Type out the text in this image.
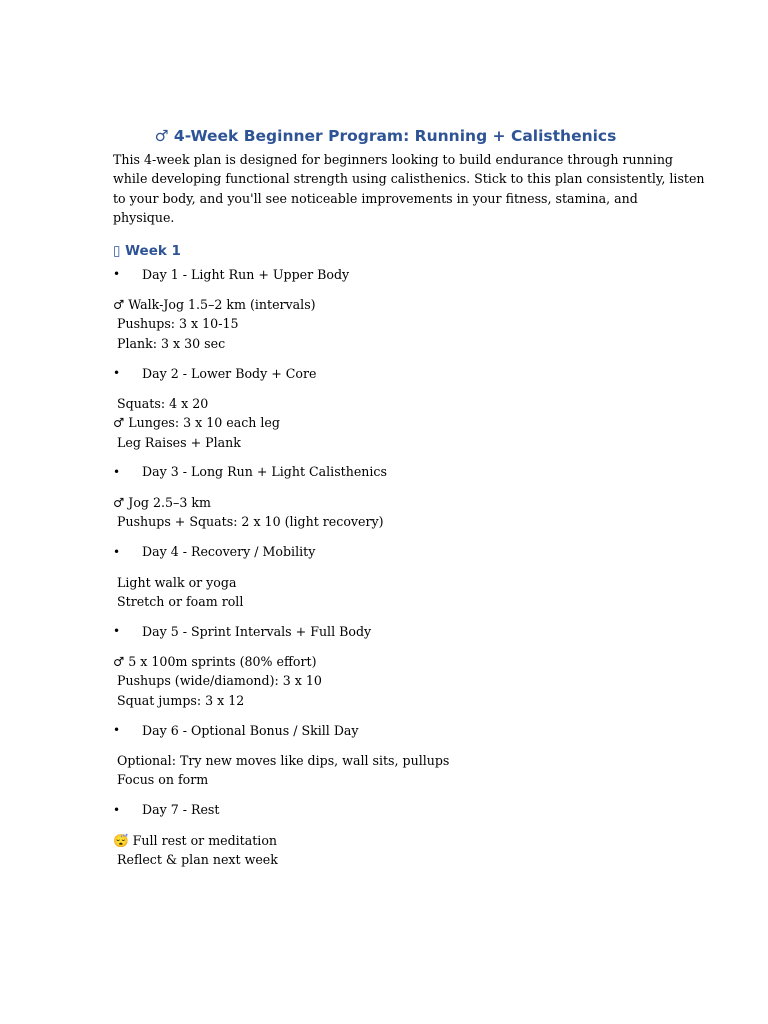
♂ 4-Week Beginner Program: Running + Calisthenics

This 4-week plan is designed for beginners looking to build endurance through running
while developing functional strength using calisthenics. Stick to this plan consistently, listen
to your body, and you'll see noticeable improvements in your fitness, stamina, and
physique.

▯ Week 1
•	Day 1 - Light Run + Upper Body
♂ Walk-Jog 1.5–2 km (intervals)
Pushups: 3 x 10-15
Plank: 3 x 30 sec
•	Day 2 - Lower Body + Core
Squats: 4 x 20
♂ Lunges: 3 x 10 each leg
Leg Raises + Plank
•	Day 3 - Long Run + Light Calisthenics
♂ Jog 2.5–3 km
Pushups + Squats: 2 x 10 (light recovery)
•	Day 4 - Recovery / Mobility
Light walk or yoga
Stretch or foam roll
•	Day 5 - Sprint Intervals + Full Body
♂ 5 x 100m sprints (80% effort)
Pushups (wide/diamond): 3 x 10
Squat jumps: 3 x 12
•	Day 6 - Optional Bonus / Skill Day
Optional: Try new moves like dips, wall sits, pullups
Focus on form
•	Day 7 - Rest
😴 Full rest or meditation
Reflect & plan next week
